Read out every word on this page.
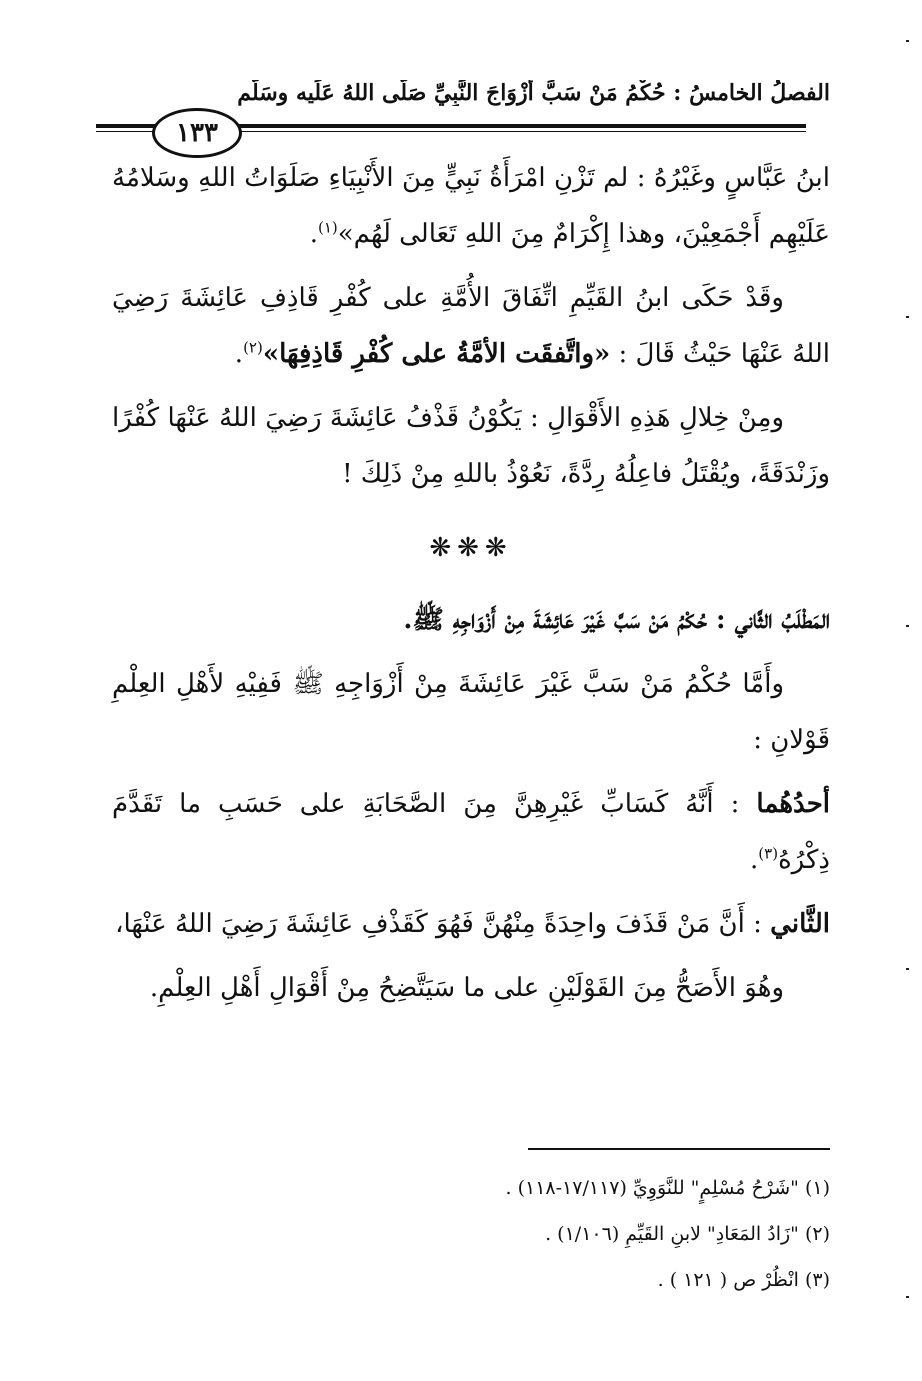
الفصلُ الخامسُ : حُكْمُ مَنْ سَبَّ أَزْوَاجَ النَّبِيِّ صَلَّى اللهُ عَلَيه وسَلَّم
١٣٣

ابنُ عَبَّاسٍ وغَيْرُهُ : لم تَزْنِ امْرَأَةُ نَبِيٍّ مِنَ الأَنْبِيَاءِ صَلَوَاتُ اللهِ وسَلامُهُ عَلَيْهِم أَجْمَعِيْنَ، وهذا إِكْرَامٌ مِنَ اللهِ تَعَالى لَهُم»$^{(١)}$.

وقَدْ حَكَى ابنُ القَيِّمِ اتِّفَاقَ الأُمَّةِ على كُفْرِ قَاذِفِ عَائِشَةَ رَضِيَ اللهُ عَنْهَا حَيْثُ قَالَ : «واتَّفقَت الأمَّةُ على كُفْرِ قَاذِفِهَا»$^{(٢)}$.

ومِنْ خِلالِ هَذِهِ الأَقْوَالِ : يَكُوْنُ قَذْفُ عَائِشَةَ رَضِيَ اللهُ عَنْهَا كُفْرًا وزَنْدَقَةً، ويُقْتَلُ فاعِلُهُ رِدَّةً، نَعُوْذُ باللهِ مِنْ ذَلِكَ !

❋❋❋

المَطْلَبُ الثَّاني : حُكْمُ مَنْ سَبَّ غَيْرَ عَائِشَةَ مِنْ أَزْوَاجِهِ ﷺ.

وأَمَّا حُكْمُ مَنْ سَبَّ غَيْرَ عَائِشَةَ مِنْ أَزْوَاجِهِ ﷺ فَفِيْهِ لأَهْلِ العِلْمِ قَوْلانِ :

أحدُهُما : أَنَّهُ كَسَابِّ غَيْرِهِنَّ مِنَ الصَّحَابَةِ على حَسَبِ ما تَقَدَّمَ ذِكْرُهُ$^{(٣)}$.

الثَّاني : أَنَّ مَنْ قَذَفَ واحِدَةً مِنْهُنَّ فَهُوَ كَقَذْفِ عَائِشَةَ رَضِيَ اللهُ عَنْهَا،

وهُوَ الأَصَحُّ مِنَ القَوْلَيْنِ على ما سَيَتَّضِحُ مِنْ أَقْوَالِ أَهْلِ العِلْمِ.

(١) "شَرْحُ مُسْلِمٍ" للنَّوَوِيِّ (١٧/١١٧-١١٨) .
(٢) "زَادُ المَعَادِ" لابنِ القَيِّمِ (١/١٠٦) .
(٣) انْظُرْ ص ( ١٢١ ) .
